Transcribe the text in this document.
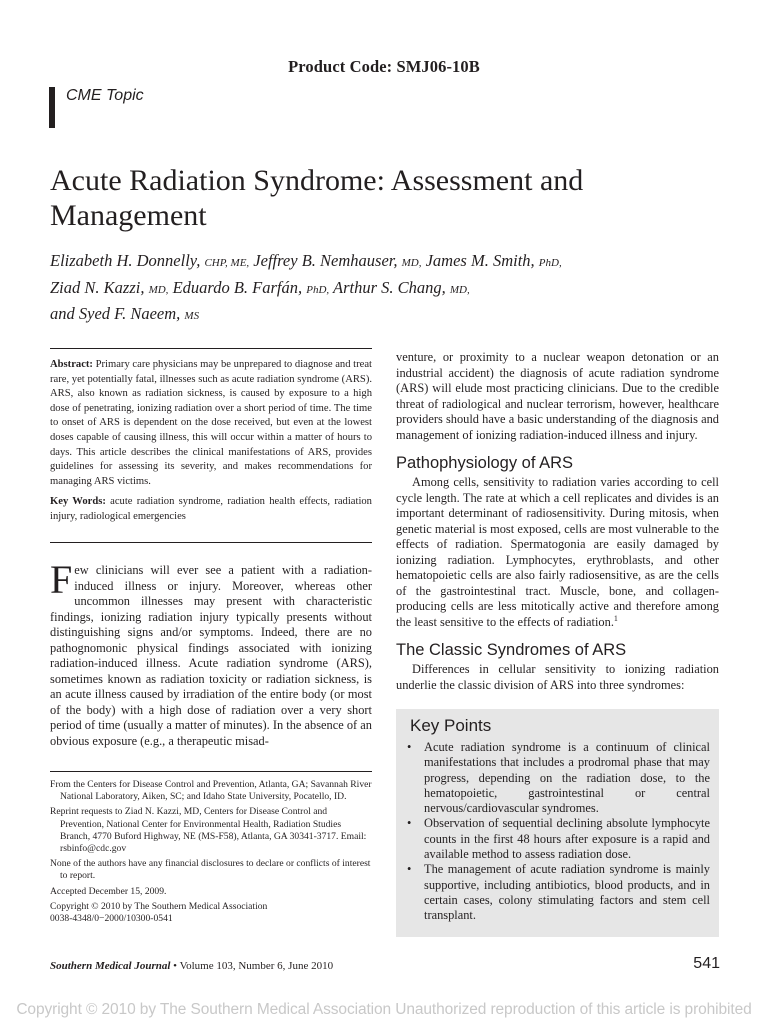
Product Code: SMJ06-10B
CME Topic
Acute Radiation Syndrome: Assessment and Management
Elizabeth H. Donnelly, CHP, ME, Jeffrey B. Nemhauser, MD, James M. Smith, PhD,
Ziad N. Kazzi, MD, Eduardo B. Farfán, PhD, Arthur S. Chang, MD,
and Syed F. Naeem, MS

Abstract: Primary care physicians may be unprepared to diagnose and treat rare, yet potentially fatal, illnesses such as acute radiation syndrome (ARS). ARS, also known as radiation sickness, is caused by exposure to a high dose of penetrating, ionizing radiation over a short period of time. The time to onset of ARS is dependent on the dose received, but even at the lowest doses capable of causing illness, this will occur within a matter of hours to days. This article describes the clinical manifestations of ARS, provides guidelines for assessing its severity, and makes recommendations for managing ARS victims.

Key Words: acute radiation syndrome, radiation health effects, radiation injury, radiological emergencies

Few clinicians will ever see a patient with a radiation-induced illness or injury. Moreover, whereas other uncommon illnesses may present with characteristic findings, ionizing radiation injury typically presents without distinguishing signs and/or symptoms. Indeed, there are no pathognomonic physical findings associated with ionizing radiation-induced illness. Acute radiation syndrome (ARS), sometimes known as radiation toxicity or radiation sickness, is an acute illness caused by irradiation of the entire body (or most of the body) with a high dose of radiation over a very short period of time (usually a matter of minutes). In the absence of an obvious exposure (e.g., a therapeutic misad-

From the Centers for Disease Control and Prevention, Atlanta, GA; Savannah River National Laboratory, Aiken, SC; and Idaho State University, Pocatello, ID.

Reprint requests to Ziad N. Kazzi, MD, Centers for Disease Control and Prevention, National Center for Environmental Health, Radiation Studies Branch, 4770 Buford Highway, NE (MS-F58), Atlanta, GA 30341-3717. Email: rsbinfo@cdc.gov

None of the authors have any financial disclosures to declare or conflicts of interest to report.

Accepted December 15, 2009.

Copyright © 2010 by The Southern Medical Association

0038-4348/0−2000/10300-0541

venture, or proximity to a nuclear weapon detonation or an industrial accident) the diagnosis of acute radiation syndrome (ARS) will elude most practicing clinicians. Due to the credible threat of radiological and nuclear terrorism, however, healthcare providers should have a basic understanding of the diagnosis and management of ionizing radiation-induced illness and injury.

Pathophysiology of ARS

Among cells, sensitivity to radiation varies according to cell cycle length. The rate at which a cell replicates and divides is an important determinant of radiosensitivity. During mitosis, when genetic material is most exposed, cells are most vulnerable to the effects of radiation. Spermatogonia are easily damaged by ionizing radiation. Lymphocytes, erythroblasts, and other hematopoietic cells are also fairly radiosensitive, as are the cells of the gastrointestinal tract. Muscle, bone, and collagen-producing cells are less mitotically active and therefore among the least sensitive to the effects of radiation.$^1$

The Classic Syndromes of ARS

Differences in cellular sensitivity to ionizing radiation underlie the classic division of ARS into three syndromes:

Key Points
• Acute radiation syndrome is a continuum of clinical manifestations that includes a prodromal phase that may progress, depending on the radiation dose, to the hematopoietic, gastrointestinal or central nervous/cardiovascular syndromes.
• Observation of sequential declining absolute lymphocyte counts in the first 48 hours after exposure is a rapid and available method to assess radiation dose.
• The management of acute radiation syndrome is mainly supportive, including antibiotics, blood products, and in certain cases, colony stimulating factors and stem cell transplant.
Southern Medical Journal • Volume 103, Number 6, June 2010	541
Copyright © 2010 by The Southern Medical Association Unauthorized reproduction of this article is prohibited
